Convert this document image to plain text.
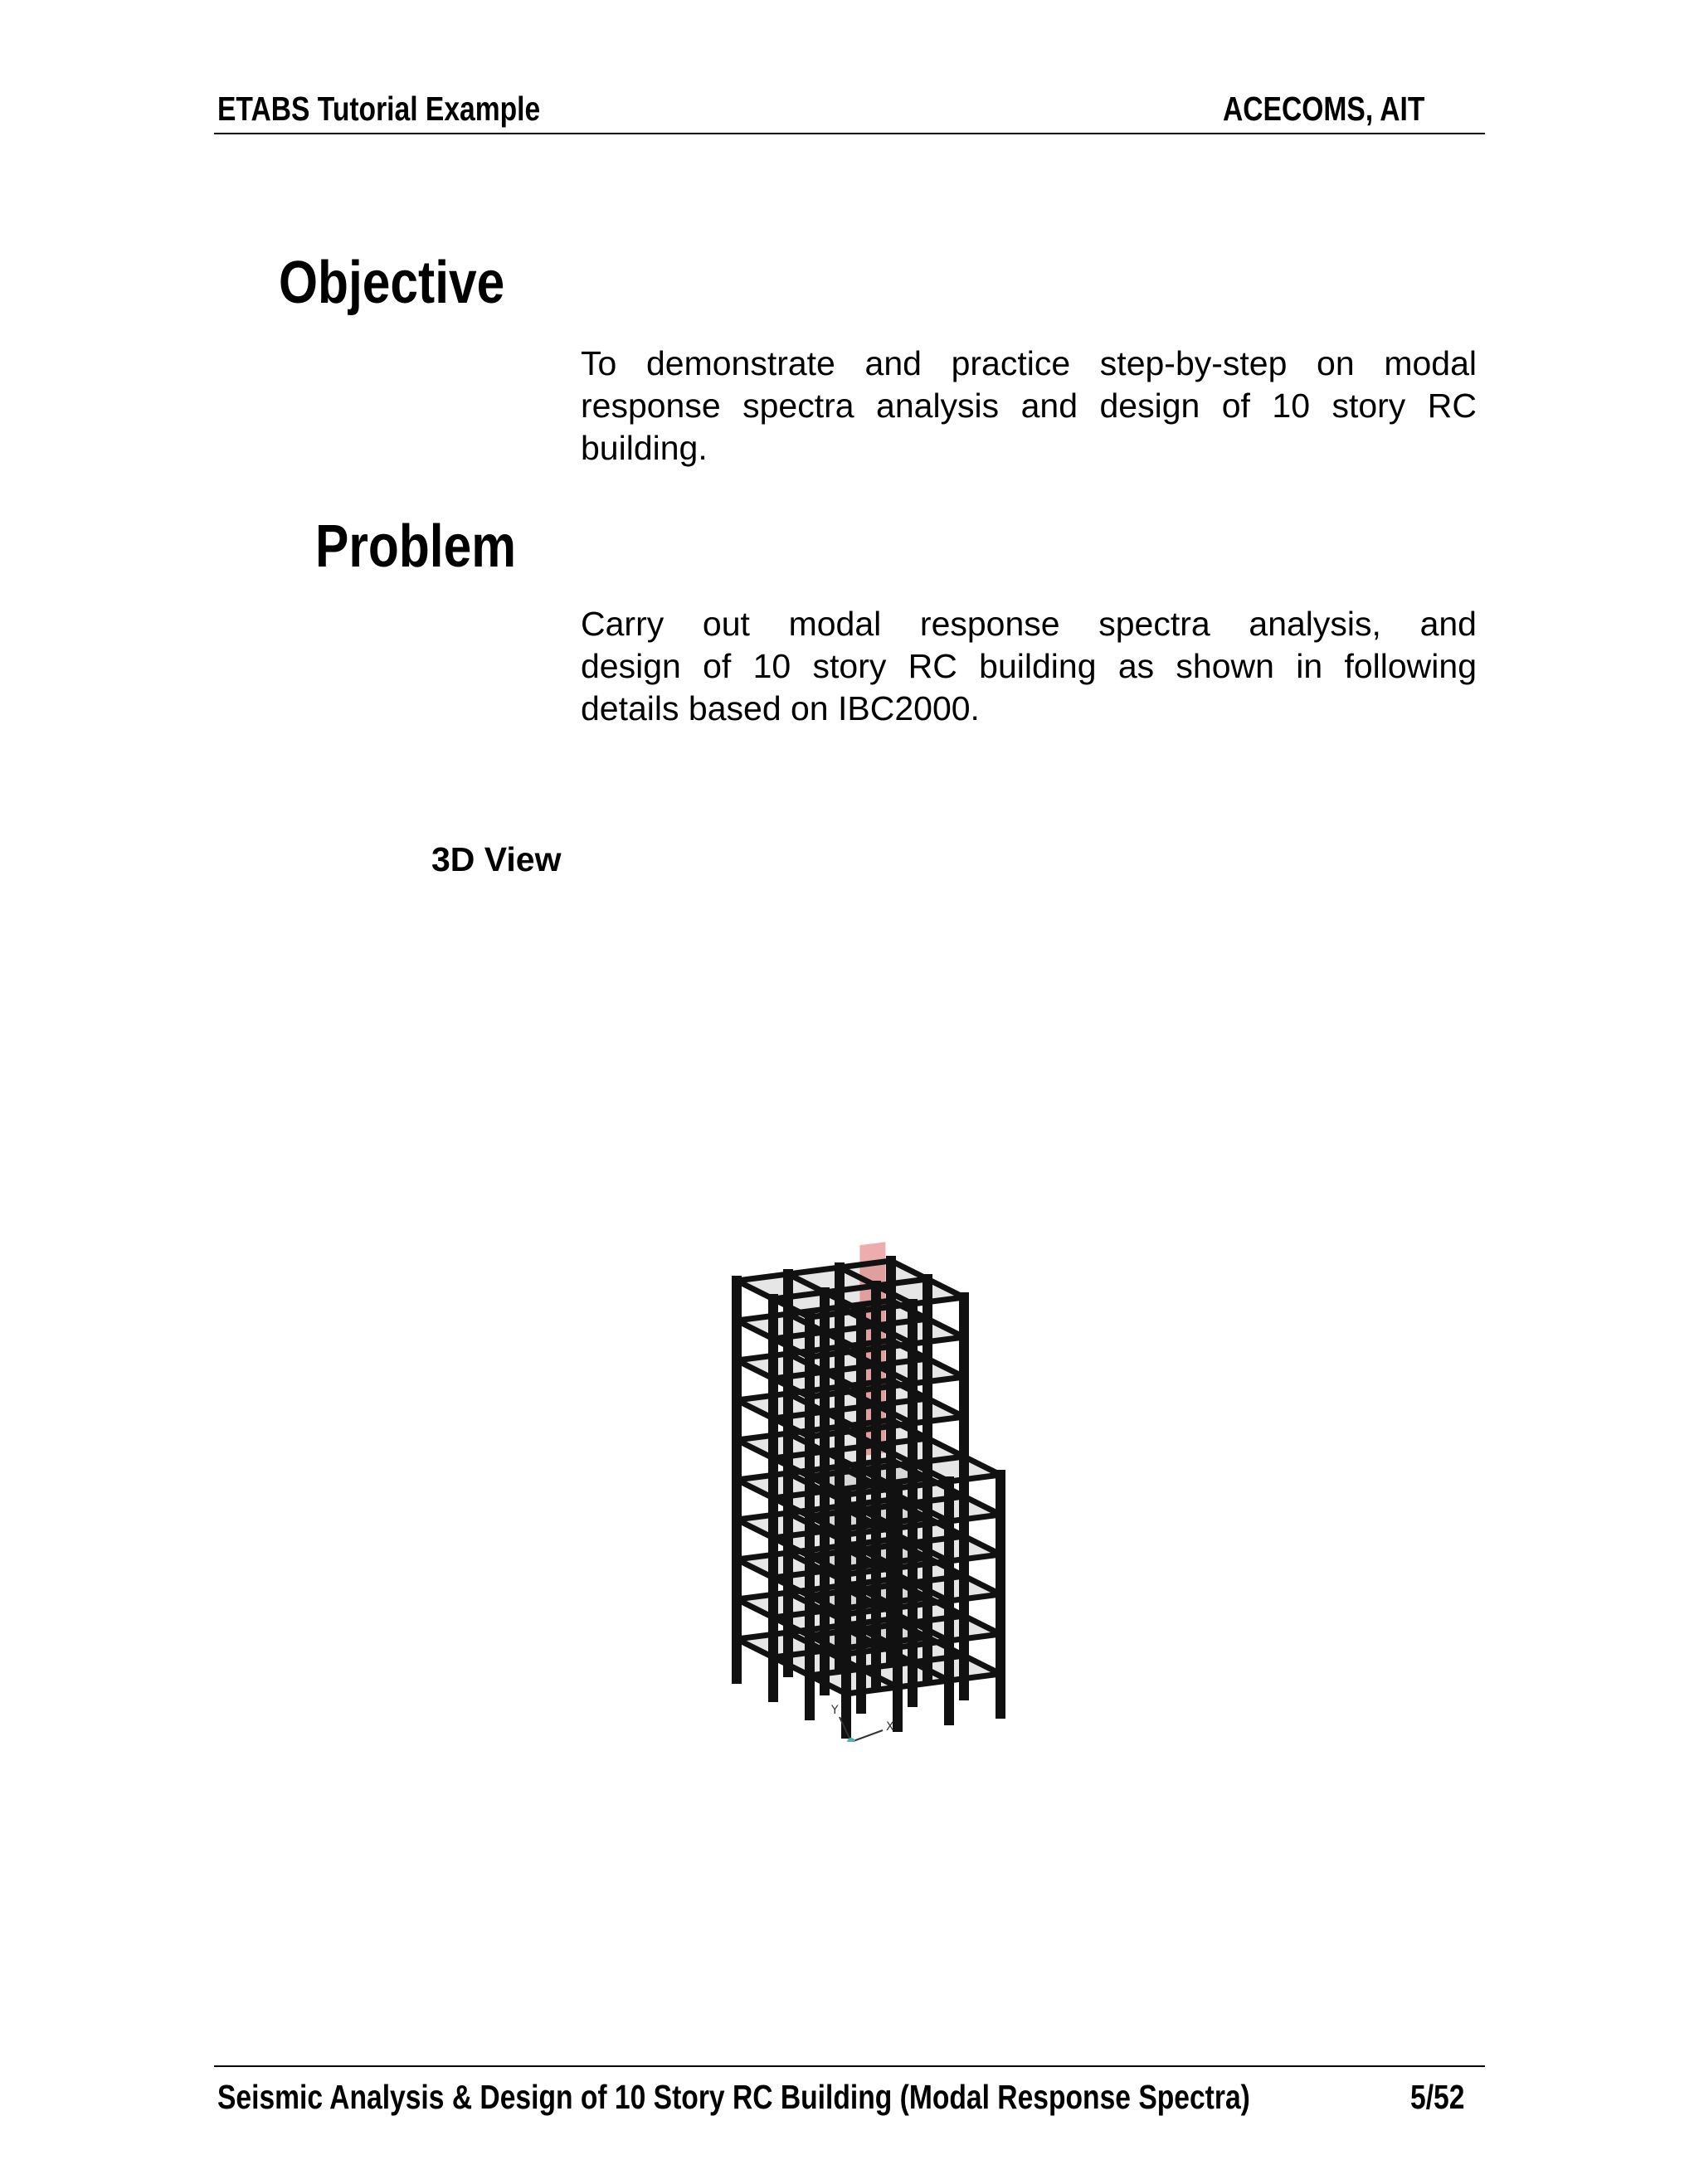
ETABS Tutorial Example	ACECOMS, AIT
Objective
To demonstrate and practice step-by-step on modal
response spectra analysis and design of 10 story RC
building.
Problem
Carry out modal response spectra analysis, and
design of 10 story RC building as shown in following
details based on IBC2000.
3D View
X
Y
Seismic Analysis & Design of 10 Story RC Building (Modal Response Spectra)	5/52
